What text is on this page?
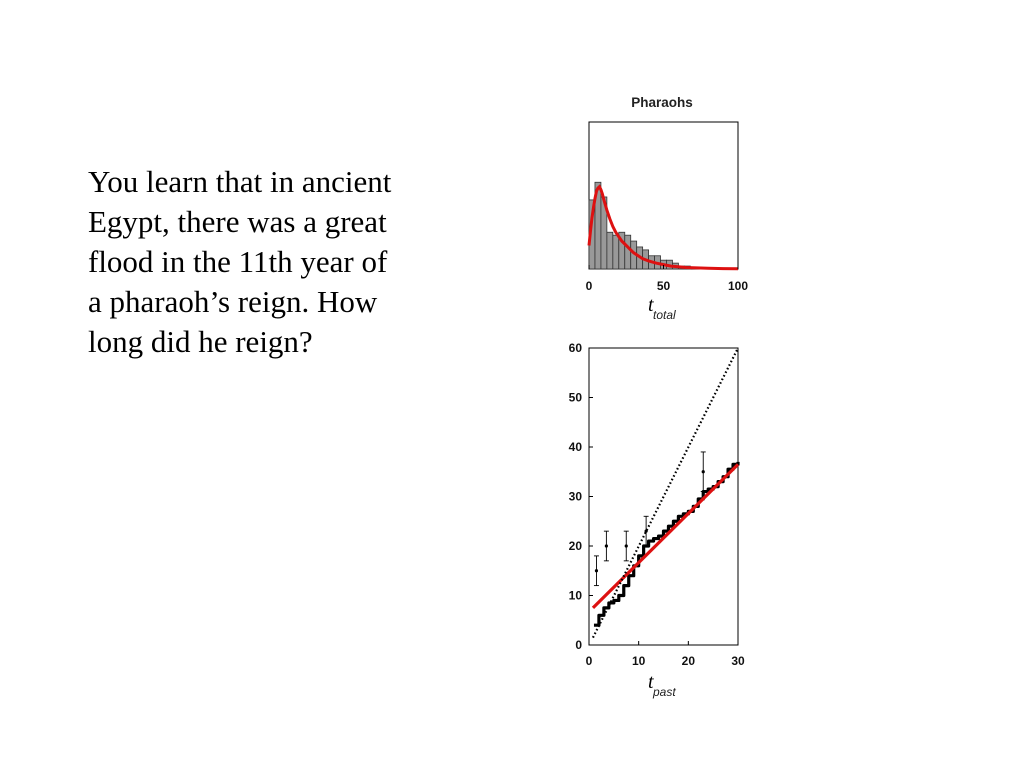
You learn that in ancient
Egypt, there was a great
flood in the 11th year of
a pharaoh’s reign. How
long did he reign?
Pharaohs
0	50	100
t total
0	10	20	30
0
10
20
30
40
50
60
t past
